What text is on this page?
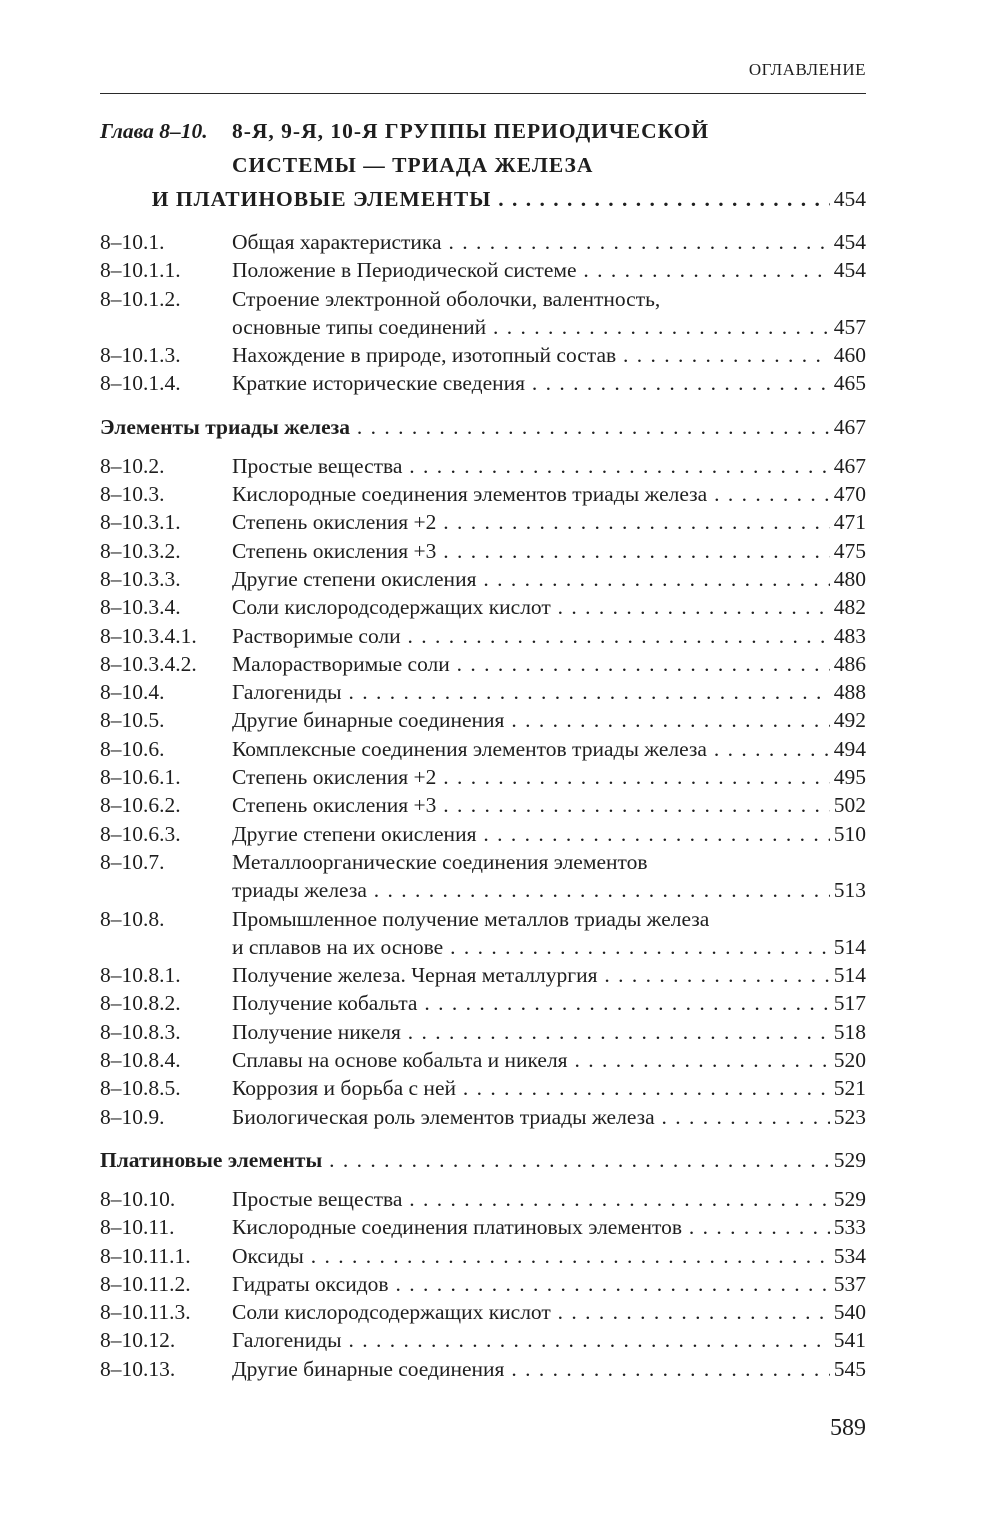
ОГЛАВЛЕНИЕ
Глава 8–10.	8-Я, 9-Я, 10-Я ГРУППЫ ПЕРИОДИЧЕСКОЙ
СИСТЕМЫ — ТРИАДА ЖЕЛЕЗА
И ПЛАТИНОВЫЕ ЭЛЕМЕНТЫ . . .	454
8–10.1.	Общая характеристика . . .	454
8–10.1.1.	Положение в Периодической системе . . .	454
8–10.1.2.	Строение электронной оболочки, валентность,
основные типы соединений . . .	457
8–10.1.3.	Нахождение в природе, изотопный состав . . .	460
8–10.1.4.	Краткие исторические сведения . . .	465
Элементы триады железа . . .	467
8–10.2.	Простые вещества . . .	467
8–10.3.	Кислородные соединения элементов триады железа . . .	470
8–10.3.1.	Степень окисления +2 . . .	471
8–10.3.2.	Степень окисления +3 . . .	475
8–10.3.3.	Другие степени окисления . . .	480
8–10.3.4.	Соли кислородсодержащих кислот . . .	482
8–10.3.4.1.	Растворимые соли . . .	483
8–10.3.4.2.	Малорастворимые соли . . .	486
8–10.4.	Галогениды . . .	488
8–10.5.	Другие бинарные соединения . . .	492
8–10.6.	Комплексные соединения элементов триады железа . . .	494
8–10.6.1.	Степень окисления +2 . . .	495
8–10.6.2.	Степень окисления +3 . . .	502
8–10.6.3.	Другие степени окисления . . .	510
8–10.7.	Металлоорганические соединения элементов
триады железа . . .	513
8–10.8.	Промышленное получение металлов триады железа
и сплавов на их основе . . .	514
8–10.8.1.	Получение железа. Черная металлургия . . .	514
8–10.8.2.	Получение кобальта . . .	517
8–10.8.3.	Получение никеля . . .	518
8–10.8.4.	Сплавы на основе кобальта и никеля . . .	520
8–10.8.5.	Коррозия и борьба с ней . . .	521
8–10.9.	Биологическая роль элементов триады железа . . .	523
Платиновые элементы . . .	529
8–10.10.	Простые вещества . . .	529
8–10.11.	Кислородные соединения платиновых элементов . . .	533
8–10.11.1.	Оксиды . . .	534
8–10.11.2.	Гидраты оксидов . . .	537
8–10.11.3.	Соли кислородсодержащих кислот . . .	540
8–10.12.	Галогениды . . .	541
8–10.13.	Другие бинарные соединения . . .	545
589
